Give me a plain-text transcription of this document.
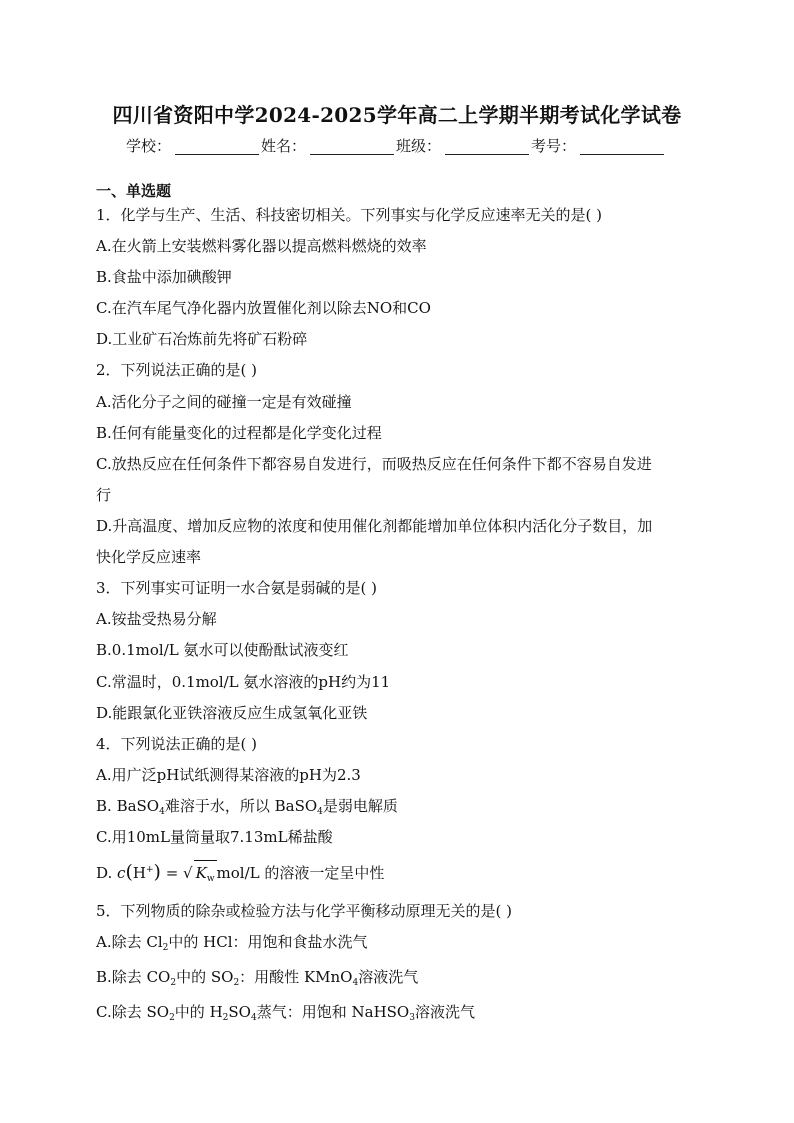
四川省资阳中学2024-2025学年高二上学期半期考试化学试卷
学校：	姓名：	班级：	考号：
一、单选题
1．化学与生产、生活、科技密切相关。下列事实与化学反应速率无关的是( )
A.在火箭上安装燃料雾化器以提高燃料燃烧的效率
B.食盐中添加碘酸钾
C.在汽车尾气净化器内放置催化剂以除去NO和CO
D.工业矿石冶炼前先将矿石粉碎
2．下列说法正确的是( )
A.活化分子之间的碰撞一定是有效碰撞
B.任何有能量变化的过程都是化学变化过程
C.放热反应在任何条件下都容易自发进行，而吸热反应在任何条件下都不容易自发进
行
D.升高温度、增加反应物的浓度和使用催化剂都能增加单位体积内活化分子数目，加
快化学反应速率
3．下列事实可证明一水合氨是弱碱的是( )
A.铵盐受热易分解
B.0.1mol/L 氨水可以使酚酞试液变红
C.常温时，0.1mol/L 氨水溶液的pH约为11
D.能跟氯化亚铁溶液反应生成氢氧化亚铁
4．下列说法正确的是( )
A.用广泛pH试纸测得某溶液的pH为2.3
B. BaSO$_4$难溶于水，所以 BaSO$_4$是弱电解质
C.用10mL量筒量取7.13mL稀盐酸
D. c(H+) = √ $K_w$ mol/L 的溶液一定呈中性
5．下列物质的除杂或检验方法与化学平衡移动原理无关的是( )
A.除去 $Cl_2$中的 HCl：用饱和食盐水洗气
B.除去 $CO_2$中的 $SO_2$：用酸性 KMnO$_4$溶液洗气
C.除去 $SO_2$中的 $H_2SO_4$蒸气：用饱和 NaHSO$_3$溶液洗气
